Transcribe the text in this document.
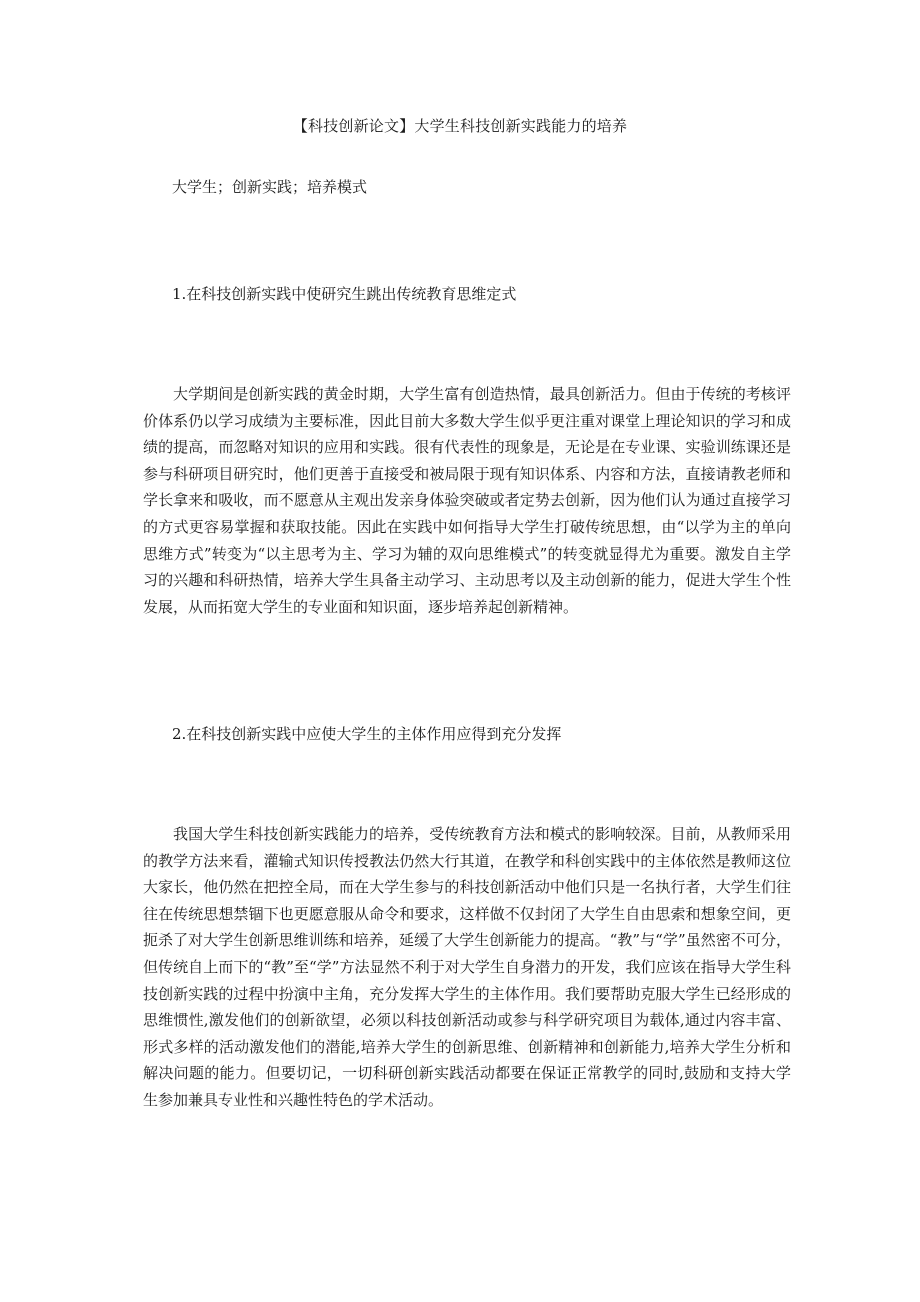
【科技创新论文】大学生科技创新实践能力的培养
大学生；创新实践；培养模式
1.在科技创新实践中使研究生跳出传统教育思维定式

大学期间是创新实践的黄金时期，大学生富有创造热情，最具创新活力。但由于传统的考核评价体系仍以学习成绩为主要标准，因此目前大多数大学生似乎更注重对课堂上理论知识的学习和成绩的提高，而忽略对知识的应用和实践。很有代表性的现象是，无论是在专业课、实验训练课还是参与科研项目研究时，他们更善于直接受和被局限于现有知识体系、内容和方法，直接请教老师和学长拿来和吸收，而不愿意从主观出发亲身体验突破或者定势去创新，因为他们认为通过直接学习的方式更容易掌握和获取技能。因此在实践中如何指导大学生打破传统思想，由“以学为主的单向思维方式”转变为“以主思考为主、学习为辅的双向思维模式”的转变就显得尤为重要。激发自主学习的兴趣和科研热情，培养大学生具备主动学习、主动思考以及主动创新的能力，促进大学生个性发展，从而拓宽大学生的专业面和知识面，逐步培养起创新精神。

2.在科技创新实践中应使大学生的主体作用应得到充分发挥

我国大学生科技创新实践能力的培养，受传统教育方法和模式的影响较深。目前，从教师采用的教学方法来看，灌输式知识传授教法仍然大行其道，在教学和科创实践中的主体依然是教师这位大家长，他仍然在把控全局，而在大学生参与的科技创新活动中他们只是一名执行者，大学生们往往在传统思想禁锢下也更愿意服从命令和要求，这样做不仅封闭了大学生自由思索和想象空间，更扼杀了对大学生创新思维训练和培养，延缓了大学生创新能力的提高。“教”与“学”虽然密不可分，但传统自上而下的“教”至“学”方法显然不利于对大学生自身潜力的开发，我们应该在指导大学生科技创新实践的过程中扮演中主角，充分发挥大学生的主体作用。我们要帮助克服大学生已经形成的思维惯性,激发他们的创新欲望，必须以科技创新活动或参与科学研究项目为载体,通过内容丰富、形式多样的活动激发他们的潜能,培养大学生的创新思维、创新精神和创新能力,培养大学生分析和解决问题的能力。但要切记，一切科研创新实践活动都要在保证正常教学的同时,鼓励和支持大学生参加兼具专业性和兴趣性特色的学术活动。
